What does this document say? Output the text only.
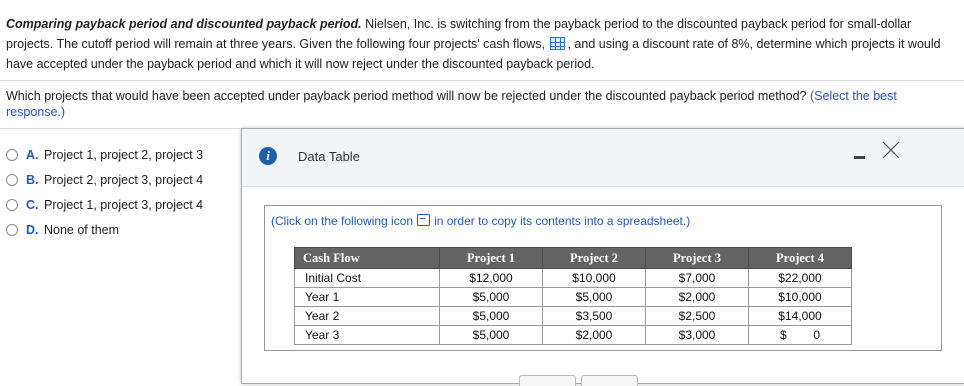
Comparing payback period and discounted payback period. Nielsen, Inc. is switching from the payback period to the discounted payback period for small-dollar projects. The cutoff period will remain at three years. Given the following four projects' cash flows, , and using a discount rate of 8%, determine which projects it would have accepted under the payback period and which it will now reject under the discounted payback period.
Which projects that would have been accepted under payback period method will now be rejected under the discounted payback period method? (Select the best response.)
A. Project 1, project 2, project 3
B. Project 2, project 3, project 4
C. Project 1, project 3, project 4
D. None of them
i	Data Table
(Click on the following icon in order to copy its contents into a spreadsheet.)
Cash Flow	Project 1	Project 2	Project 3	Project 4
Initial Cost	$12,000	$10,000	$7,000	$22,000
Year 1	$5,000	$5,000	$2,000	$10,000
Year 2	$5,000	$3,500	$2,500	$14,000
Year 3	$5,000	$2,000	$3,000	$        0
